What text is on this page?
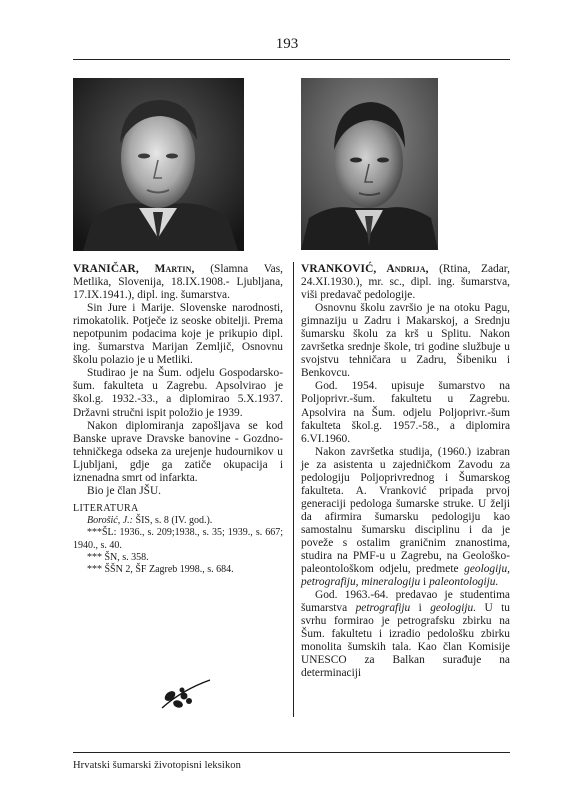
193

VRANIČAR, Martin, (Slamna Vas, Metlika, Slovenija, 18.IX.1908.- Ljubljana, 17.IX.1941.), dipl. ing. šumarstva.

Sin Jure i Marije. Slovenske narodnosti, rimokatolik. Potječe iz seoske obitelji. Prema nepotpunim podacima koje je prikupio dipl. ing. šumarstva Marijan Zemljič, Osnovnu školu polazio je u Metliki.

Studirao je na Šum. odjelu Gospodarsko-šum. fakulteta u Zagrebu. Apsolvirao je škol.g. 1932.-33., a diplomirao 5.X.1937. Državni stručni ispit položio je 1939.

Nakon diplomiranja zapošljava se kod Banske uprave Dravske banovine - Gozdno-tehničkega odseka za urejenje hudournikov u Ljubljani, gdje ga zatiče okupacija i iznenadna smrt od infarkta.

Bio je član JŠU.

LITERATURA

Borošić, J.: ŠIS, s. 8 (IV. god.).

***ŠL: 1936., s. 209;1938., s. 35; 1939., s. 667; 1940., s. 40.

*** ŠN, s. 358.

*** ŠŠN 2, ŠF Zagreb 1998., s. 684.

VRANKOVIĆ, Andrija, (Rtina, Zadar, 24.XI.1930.), mr. sc., dipl. ing. šumarstva, viši predavač pedologije.

Osnovnu školu završio je na otoku Pagu, gimnaziju u Zadru i Makarskoj, a Srednju šumarsku školu za krš u Splitu. Nakon završetka srednje škole, tri godine službuje u svojstvu tehničara u Zadru, Šibeniku i Benkovcu.

God. 1954. upisuje šumarstvo na Poljoprivr.-šum. fakultetu u Zagrebu. Apsolvira na Šum. odjelu Poljoprivr.-šum fakulteta škol.g. 1957.-58., a diplomira 6.VI.1960.

Nakon završetka studija, (1960.) izabran je za asistenta u zajedničkom Zavodu za pedologiju Poljoprivrednog i Šumarskog fakulteta. A. Vranković pripada prvoj generaciji pedologa šumarske struke. U želji da afirmira šumarsku pedologiju kao samostalnu šumarsku disciplinu i da je poveže s ostalim graničnim znanostima, studira na PMF-u u Zagrebu, na Geološko-paleontološkom odjelu, predmete geologiju, petrografiju, mineralogiju i paleontologiju.

God. 1963.-64. predavao je studentima šumarstva petrografiju i geologiju. U tu svrhu formirao je petrografsku zbirku na Šum. fakultetu i izradio pedološku zbirku monolita šumskih tala. Kao član Komisije UNESCO za Balkan surađuje na determinaciji

Hrvatski šumarski životopisni leksikon
